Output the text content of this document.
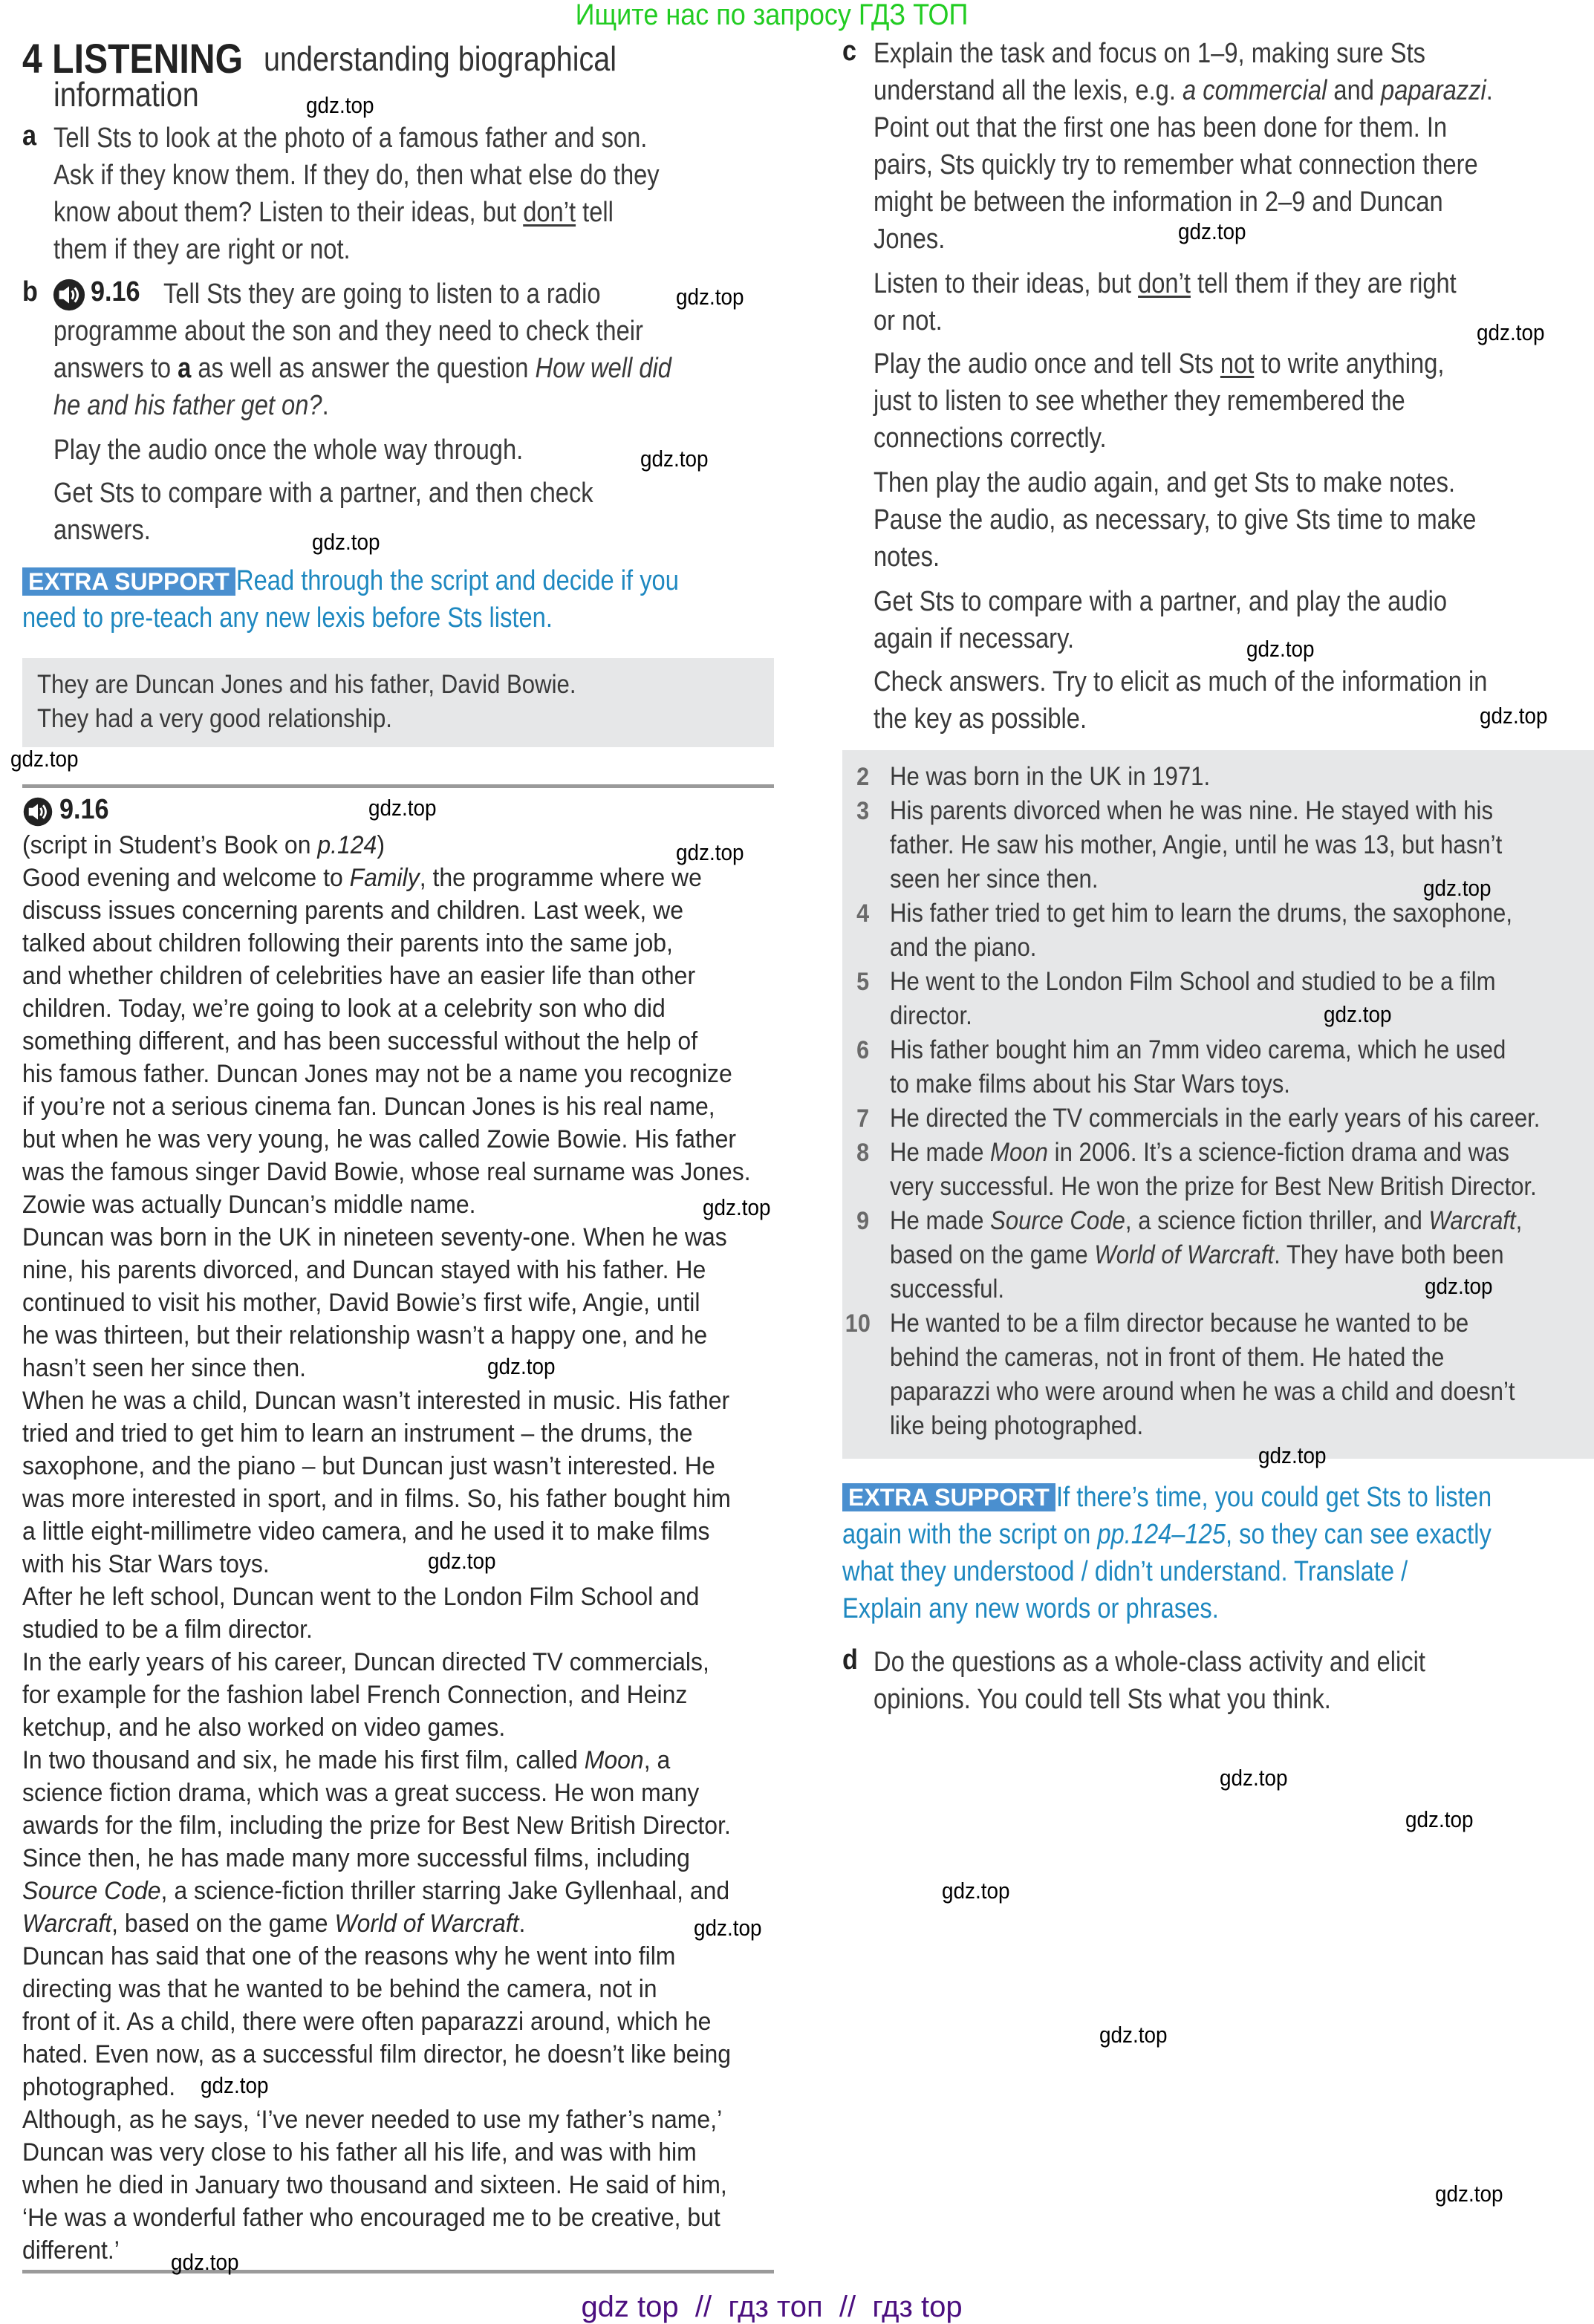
Ищите нас по запросу ГДЗ ТОП
gdz top  //  гдз топ  //  гдз top
4 LISTENING understanding biographical
information
a Tell Sts to look at the photo of a famous father and son.
Ask if they know them. If they do, then what else do they
know about them? Listen to their ideas, but don’t tell
them if they are right or not.
b 9.16 Tell Sts they are going to listen to a radio
programme about the son and they need to check their
answers to a as well as answer the question How well did
he and his father get on?.
Play the audio once the whole way through.
Get Sts to compare with a partner, and then check
answers.
EXTRA SUPPORT Read through the script and decide if you
need to pre-teach any new lexis before Sts listen.
They are Duncan Jones and his father, David Bowie.
They had a very good relationship.
9.16
(script in Student’s Book on p.124)
Good evening and welcome to Family, the programme where we
discuss issues concerning parents and children. Last week, we
talked about children following their parents into the same job,
and whether children of celebrities have an easier life than other
children. Today, we’re going to look at a celebrity son who did
something different, and has been successful without the help of
his famous father. Duncan Jones may not be a name you recognize
if you’re not a serious cinema fan. Duncan Jones is his real name,
but when he was very young, he was called Zowie Bowie. His father
was the famous singer David Bowie, whose real surname was Jones.
Zowie was actually Duncan’s middle name.
Duncan was born in the UK in nineteen seventy-one. When he was
nine, his parents divorced, and Duncan stayed with his father. He
continued to visit his mother, David Bowie’s first wife, Angie, until
he was thirteen, but their relationship wasn’t a happy one, and he
hasn’t seen her since then.
When he was a child, Duncan wasn’t interested in music. His father
tried and tried to get him to learn an instrument – the drums, the
saxophone, and the piano – but Duncan just wasn’t interested. He
was more interested in sport, and in films. So, his father bought him
a little eight-millimetre video camera, and he used it to make films
with his Star Wars toys.
After he left school, Duncan went to the London Film School and
studied to be a film director.
In the early years of his career, Duncan directed TV commercials,
for example for the fashion label French Connection, and Heinz
ketchup, and he also worked on video games.
In two thousand and six, he made his first film, called Moon, a
science fiction drama, which was a great success. He won many
awards for the film, including the prize for Best New British Director.
Since then, he has made many more successful films, including
Source Code, a science-fiction thriller starring Jake Gyllenhaal, and
Warcraft, based on the game World of Warcraft.
Duncan has said that one of the reasons why he went into film
directing was that he wanted to be behind the camera, not in
front of it. As a child, there were often paparazzi around, which he
hated. Even now, as a successful film director, he doesn’t like being
photographed.
Although, as he says, ‘I’ve never needed to use my father’s name,’
Duncan was very close to his father all his life, and was with him
when he died in January two thousand and sixteen. He said of him,
‘He was a wonderful father who encouraged me to be creative, but
different.’
c Explain the task and focus on 1–9, making sure Sts
understand all the lexis, e.g. a commercial and paparazzi.
Point out that the first one has been done for them. In
pairs, Sts quickly try to remember what connection there
might be between the information in 2–9 and Duncan
Jones.
Listen to their ideas, but don’t tell them if they are right
or not.
Play the audio once and tell Sts not to write anything,
just to listen to see whether they remembered the
connections correctly.
Then play the audio again, and get Sts to make notes.
Pause the audio, as necessary, to give Sts time to make
notes.
Get Sts to compare with a partner, and play the audio
again if necessary.
Check answers. Try to elicit as much of the information in
the key as possible.
2
3
4
5
6
7
8
9
10
He was born in the UK in 1971.
His parents divorced when he was nine. He stayed with his
father. He saw his mother, Angie, until he was 13, but hasn’t
seen her since then.
His father tried to get him to learn the drums, the saxophone,
and the piano.
He went to the London Film School and studied to be a film
director.
His father bought him an 7mm video carema, which he used
to make films about his Star Wars toys.
He directed the TV commercials in the early years of his career.
He made Moon in 2006. It’s a science-fiction drama and was
very successful. He won the prize for Best New British Director.
He made Source Code, a science fiction thriller, and Warcraft,
based on the game World of Warcraft. They have both been
successful.
He wanted to be a film director because he wanted to be
behind the cameras, not in front of them. He hated the
paparazzi who were around when he was a child and doesn’t
like being photographed.
EXTRA SUPPORT If there’s time, you could get Sts to listen
again with the script on pp.124–125, so they can see exactly
what they understood / didn’t understand. Translate /
Explain any new words or phrases.
d Do the questions as a whole-class activity and elicit
opinions. You could tell Sts what you think.
gdz.top
gdz.top
gdz.top
gdz.top
gdz.top
gdz.top
gdz.top
gdz.top
gdz.top
gdz.top
gdz.top
gdz.top
gdz.top
gdz.top
gdz.top
gdz.top
gdz.top
gdz.top
gdz.top
gdz.top
gdz.top
gdz.top
gdz.top
gdz.top
gdz.top
gdz.top
